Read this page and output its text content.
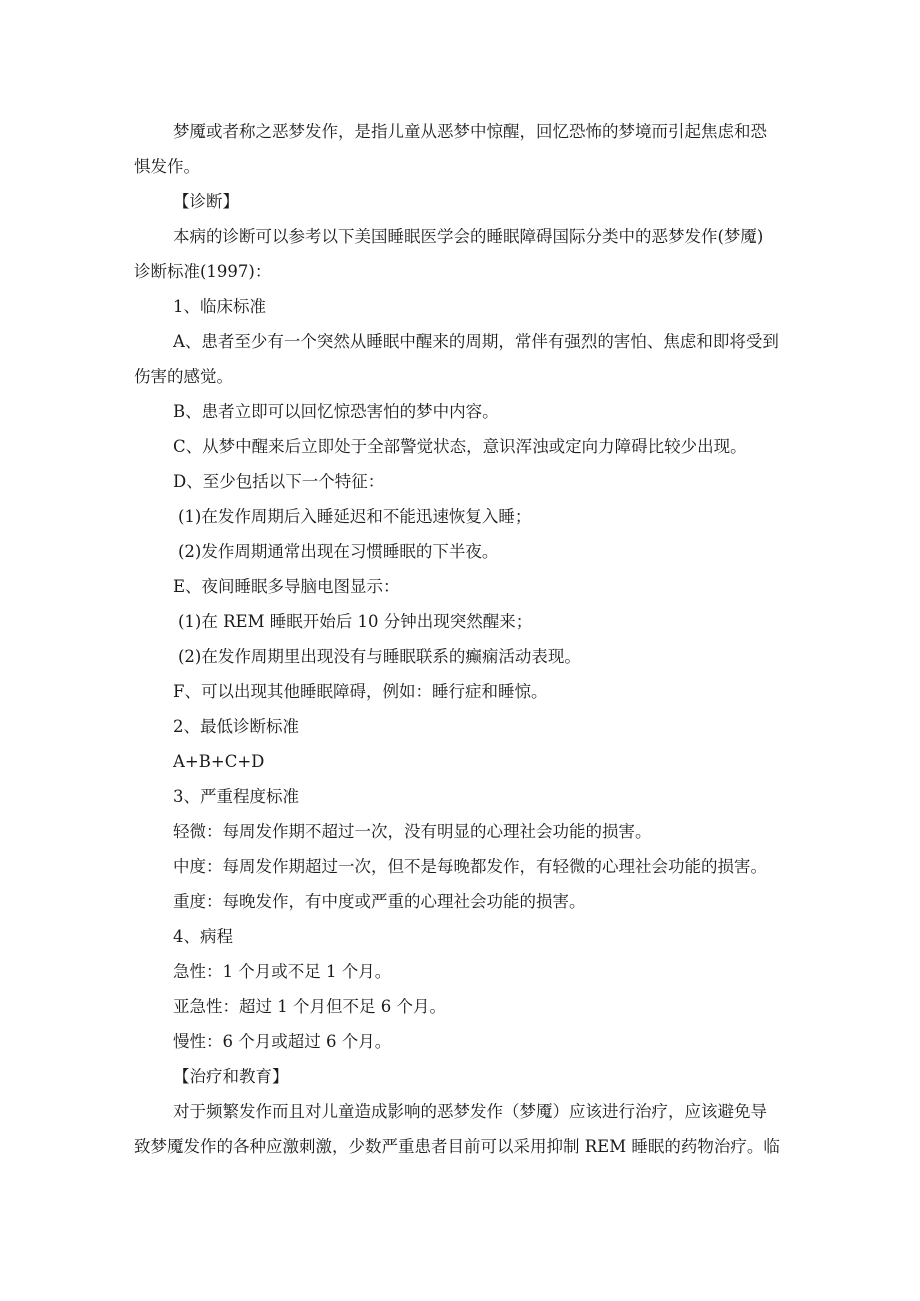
梦魇或者称之恶梦发作，是指儿童从恶梦中惊醒，回忆恐怖的梦境而引起焦虑和恐
惧发作。

【诊断】

本病的诊断可以参考以下美国睡眠医学会的睡眠障碍国际分类中的恶梦发作(梦魇)
诊断标准(1997)：

1、临床标准

A、患者至少有一个突然从睡眠中醒来的周期，常伴有强烈的害怕、焦虑和即将受到
伤害的感觉。

B、患者立即可以回忆惊恐害怕的梦中内容。

C、从梦中醒来后立即处于全部警觉状态，意识浑浊或定向力障碍比较少出现。

D、至少包括以下一个特征：

(1)在发作周期后入睡延迟和不能迅速恢复入睡；

(2)发作周期通常出现在习惯睡眠的下半夜。

E、夜间睡眠多导脑电图显示：

(1)在 REM 睡眠开始后 10 分钟出现突然醒来；

(2)在发作周期里出现没有与睡眠联系的癫痫活动表现。

F、可以出现其他睡眠障碍，例如：睡行症和睡惊。

2、最低诊断标准

A+B+C+D

3、严重程度标准

轻微：每周发作期不超过一次，没有明显的心理社会功能的损害。

中度：每周发作期超过一次，但不是每晚都发作，有轻微的心理社会功能的损害。

重度：每晚发作，有中度或严重的心理社会功能的损害。

4、病程

急性：1 个月或不足 1 个月。

亚急性：超过 1 个月但不足 6 个月。

慢性：6 个月或超过 6 个月。

【治疗和教育】

对于频繁发作而且对儿童造成影响的恶梦发作（梦魇）应该进行治疗，应该避免导
致梦魇发作的各种应激刺激，少数严重患者目前可以采用抑制 REM 睡眠的药物治疗。临
